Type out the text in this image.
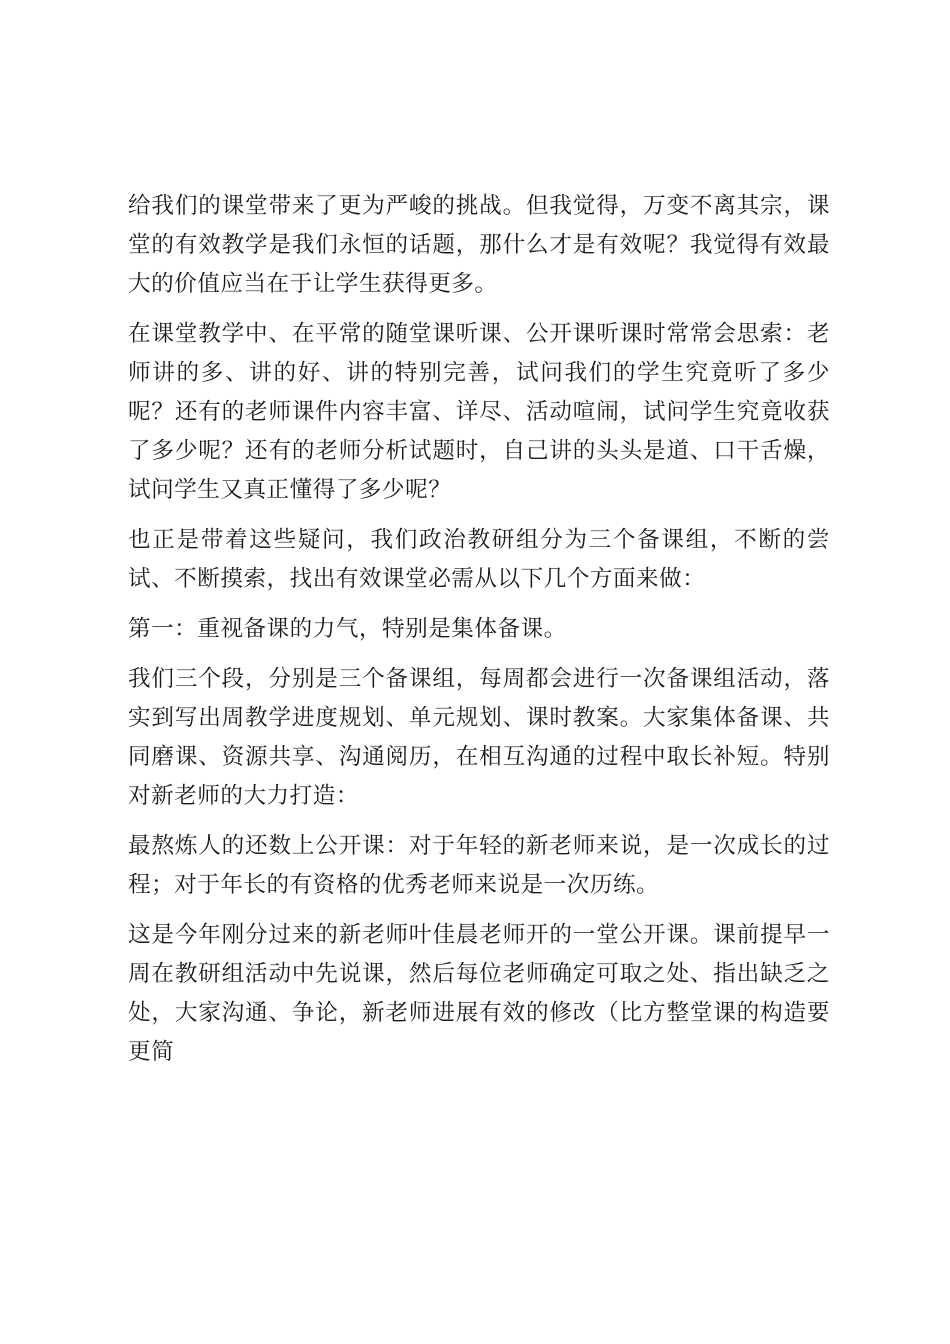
给我们的课堂带来了更为严峻的挑战。但我觉得，万变不离其宗，课堂的有效教学是我们永恒的话题，那什么才是有效呢？我觉得有效最大的价值应当在于让学生获得更多。

在课堂教学中、在平常的随堂课听课、公开课听课时常常会思索：老师讲的多、讲的好、讲的特别完善，试问我们的学生究竟听了多少呢？还有的老师课件内容丰富、详尽、活动喧闹，试问学生究竟收获了多少呢？还有的老师分析试题时，自己讲的头头是道、口干舌燥，试问学生又真正懂得了多少呢？

也正是带着这些疑问，我们政治教研组分为三个备课组，不断的尝试、不断摸索，找出有效课堂必需从以下几个方面来做：

第一：重视备课的力气，特别是集体备课。

我们三个段，分别是三个备课组，每周都会进行一次备课组活动，落实到写出周教学进度规划、单元规划、课时教案。大家集体备课、共同磨课、资源共享、沟通阅历，在相互沟通的过程中取长补短。特别对新老师的大力打造：

最熬炼人的还数上公开课：对于年轻的新老师来说，是一次成长的过程；对于年长的有资格的优秀老师来说是一次历练。

这是今年刚分过来的新老师叶佳晨老师开的一堂公开课。课前提早一周在教研组活动中先说课，然后每位老师确定可取之处、指出缺乏之处，大家沟通、争论，新老师进展有效的修改（比方整堂课的构造要更简
